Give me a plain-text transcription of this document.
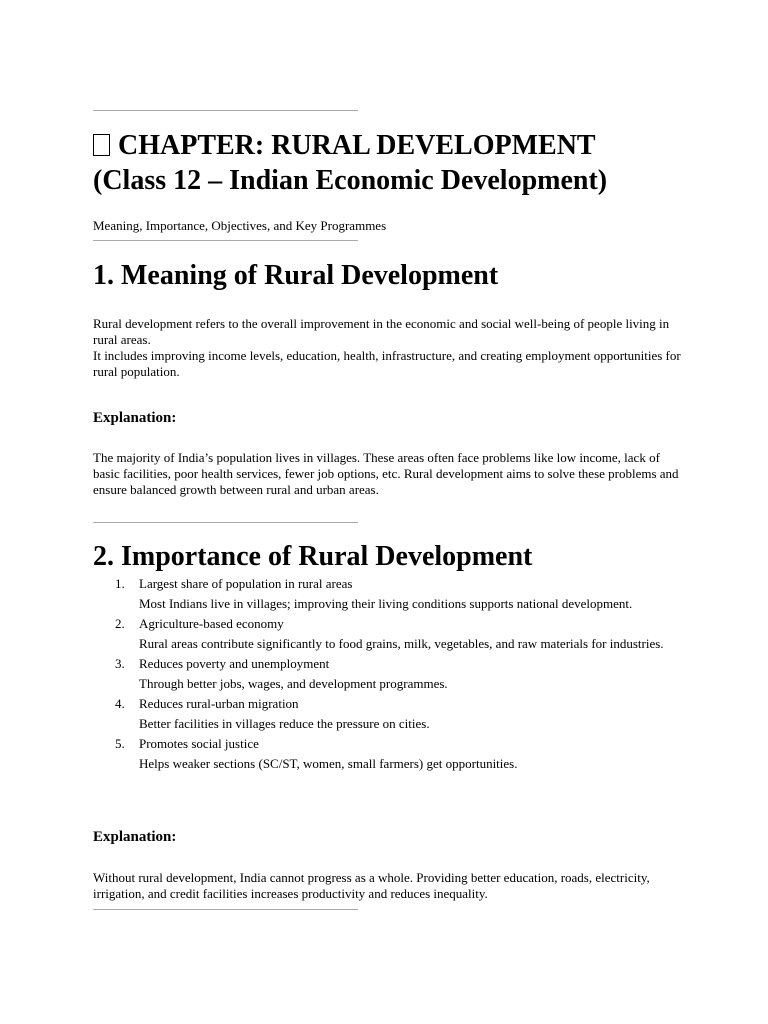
CHAPTER: RURAL DEVELOPMENT
(Class 12 – Indian Economic Development)

Meaning, Importance, Objectives, and Key Programmes

1. Meaning of Rural Development
Rural development refers to the overall improvement in the economic and social well-being of people living in rural areas.
It includes improving income levels, education, health, infrastructure, and creating employment opportunities for rural population.
Explanation:

The majority of India’s population lives in villages. These areas often face problems like low income, lack of basic facilities, poor health services, fewer job options, etc. Rural development aims to solve these problems and ensure balanced growth between rural and urban areas.

2. Importance of Rural Development
1. Largest share of population in rural areas
Most Indians live in villages; improving their living conditions supports national development.
2. Agriculture-based economy
Rural areas contribute significantly to food grains, milk, vegetables, and raw materials for industries.
3. Reduces poverty and unemployment
Through better jobs, wages, and development programmes.
4. Reduces rural-urban migration
Better facilities in villages reduce the pressure on cities.
5. Promotes social justice
Helps weaker sections (SC/ST, women, small farmers) get opportunities.
Explanation:

Without rural development, India cannot progress as a whole. Providing better education, roads, electricity, irrigation, and credit facilities increases productivity and reduces inequality.
